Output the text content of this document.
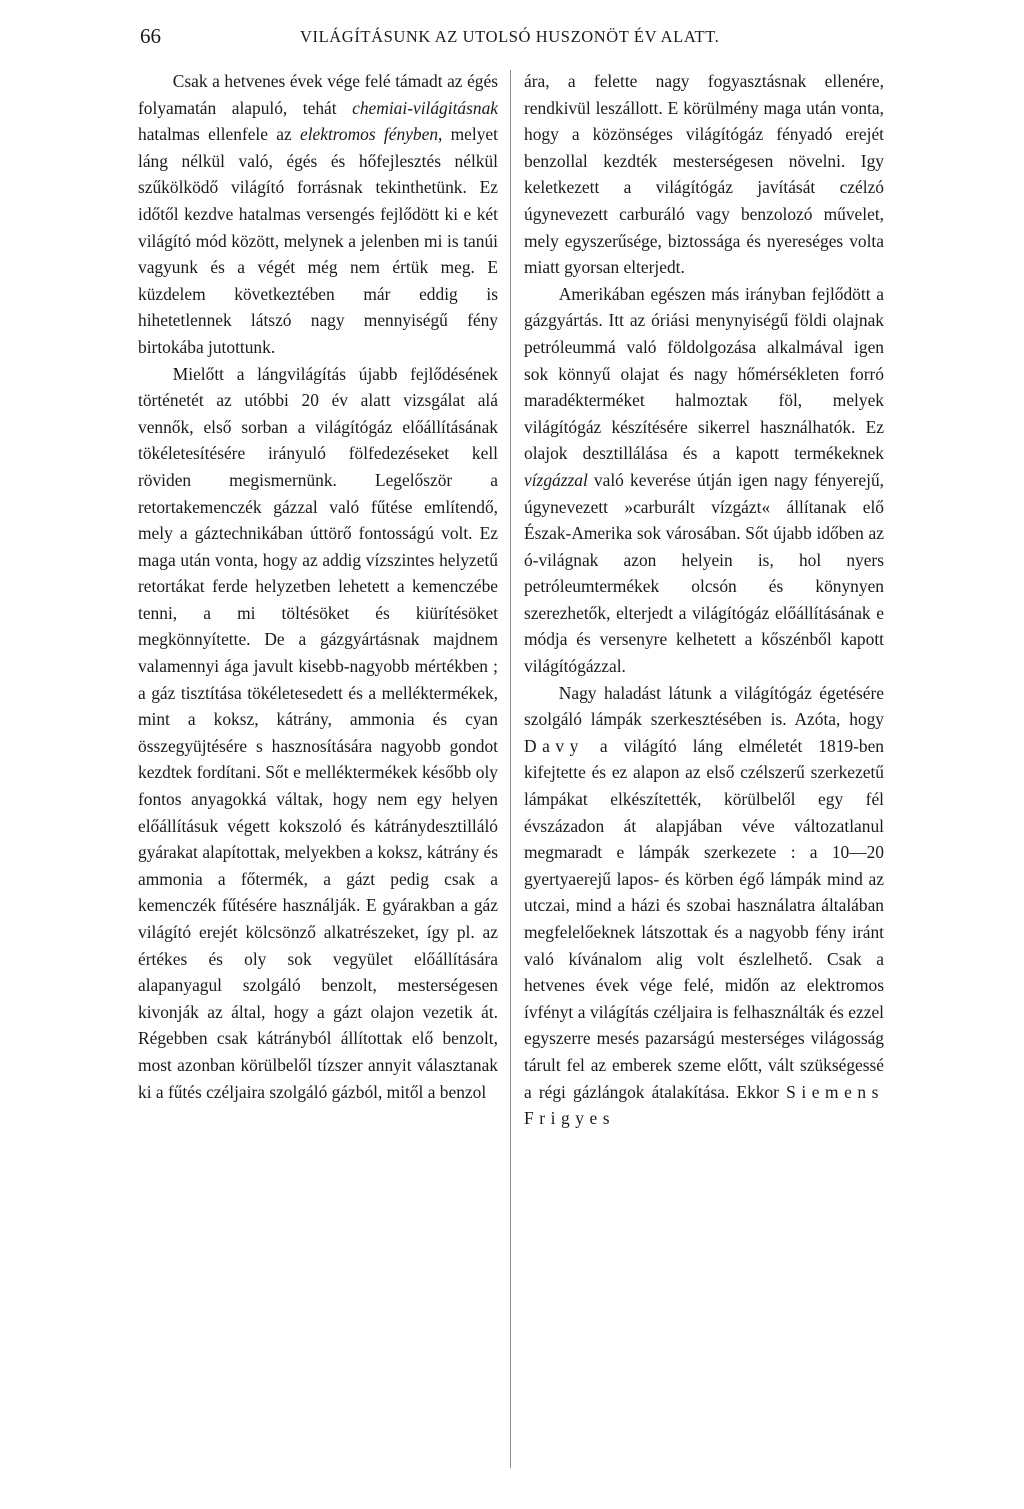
66	VILÁGÍTÁSUNK AZ UTOLSÓ HUSZONÖT ÉV ALATT.

Csak a hetvenes évek vége felé támadt az égés folyamatán alapuló, tehát chemiai-világitásnak hatalmas ellenfele az elektromos fényben, melyet láng nélkül való, égés és hőfejlesztés nélkül szűkölködő világító forrásnak tekinthetünk. Ez időtől kezdve hatalmas versengés fejlődött ki e két világító mód között, melynek a jelenben mi is tanúi vagyunk és a végét még nem értük meg. E küzdelem következtében már eddig is hihetetlennek látszó nagy mennyiségű fény birtokába jutottunk.

Mielőtt a lángvilágítás újabb fejlődésének történetét az utóbbi 20 év alatt vizsgálat alá vennők, első sorban a világítógáz előállításának tökéletesítésére irányuló fölfedezéseket kell röviden megismernünk. Legelőször a retortakemenczék gázzal való fűtése említendő, mely a gáztechnikában úttörő fontosságú volt. Ez maga után vonta, hogy az addig vízszintes helyzetű retortákat ferde helyzetben lehetett a kemenczébe tenni, a mi töltésöket és kiürítésöket megkönnyítette. De a gázgyártásnak majdnem valamennyi ága javult kisebb-nagyobb mértékben ; a gáz tisztítása tökéletesedett és a melléktermékek, mint a koksz, kátrány, ammonia és cyan összegyüjtésére s hasznosítására nagyobb gondot kezdtek fordítani. Sőt e melléktermékek később oly fontos anyagokká váltak, hogy nem egy helyen előállításuk végett kokszoló és kátránydesztilláló gyárakat alapítottak, melyekben a koksz, kátrány és ammonia a főtermék, a gázt pedig csak a kemenczék fűtésére használják. E gyárakban a gáz világító erejét kölcsönző alkatrészeket, így pl. az értékes és oly sok vegyület előállítására alapanyagul szolgáló benzolt, mesterségesen kivonják az által, hogy a gázt olajon vezetik át. Régebben csak kátrányból állítottak elő benzolt, most azonban körülbelől tízszer annyit választanak ki a fűtés czéljaira szolgáló gázból, mitől a benzol

ára, a felette nagy fogyasztásnak ellenére, rendkivül leszállott. E körülmény maga után vonta, hogy a közönséges világítógáz fényadó erejét benzollal kezdték mesterségesen növelni. Igy keletkezett a világítógáz javítását czélzó úgynevezett carburáló vagy benzolozó művelet, mely egyszerűsége, biztossága és nyereséges volta miatt gyorsan elterjedt.

Amerikában egészen más irányban fejlődött a gázgyártás. Itt az óriási menynyiségű földi olajnak petróleummá való földolgozása alkalmával igen sok könnyű olajat és nagy hőmérsékleten forró maradékterméket halmoztak föl, melyek világítógáz készítésére sikerrel használhatók. Ez olajok desztillálása és a kapott termékeknek vízgázzal való keverése útján igen nagy fényerejű, úgynevezett »carburált vízgázt« állítanak elő Észak-Amerika sok városában. Sőt újabb időben az ó-világnak azon helyein is, hol nyers petróleumtermékek olcsón és könynyen szerezhetők, elterjedt a világítógáz előállításának e módja és versenyre kelhetett a kőszénből kapott világítógázzal.

Nagy haladást látunk a világítógáz égetésére szolgáló lámpák szerkesztésében is. Azóta, hogy Davy a világító láng elméletét 1819-ben kifejtette és ez alapon az első czélszerű szerkezetű lámpákat elkészítették, körülbelől egy fél évszázadon át alapjában véve változatlanul megmaradt e lámpák szerkezete : a 10—20 gyertyaerejű lapos- és körben égő lámpák mind az utczai, mind a házi és szobai használatra általában megfelelőeknek látszottak és a nagyobb fény iránt való kívánalom alig volt észlelhető. Csak a hetvenes évek vége felé, midőn az elektromos ívfényt a világítás czéljaira is felhasználták és ezzel egyszerre mesés pazarságú mesterséges világosság tárult fel az emberek szeme előtt, vált szükségessé a régi gázlángok átalakítása. Ekkor Siemens Frigyes
